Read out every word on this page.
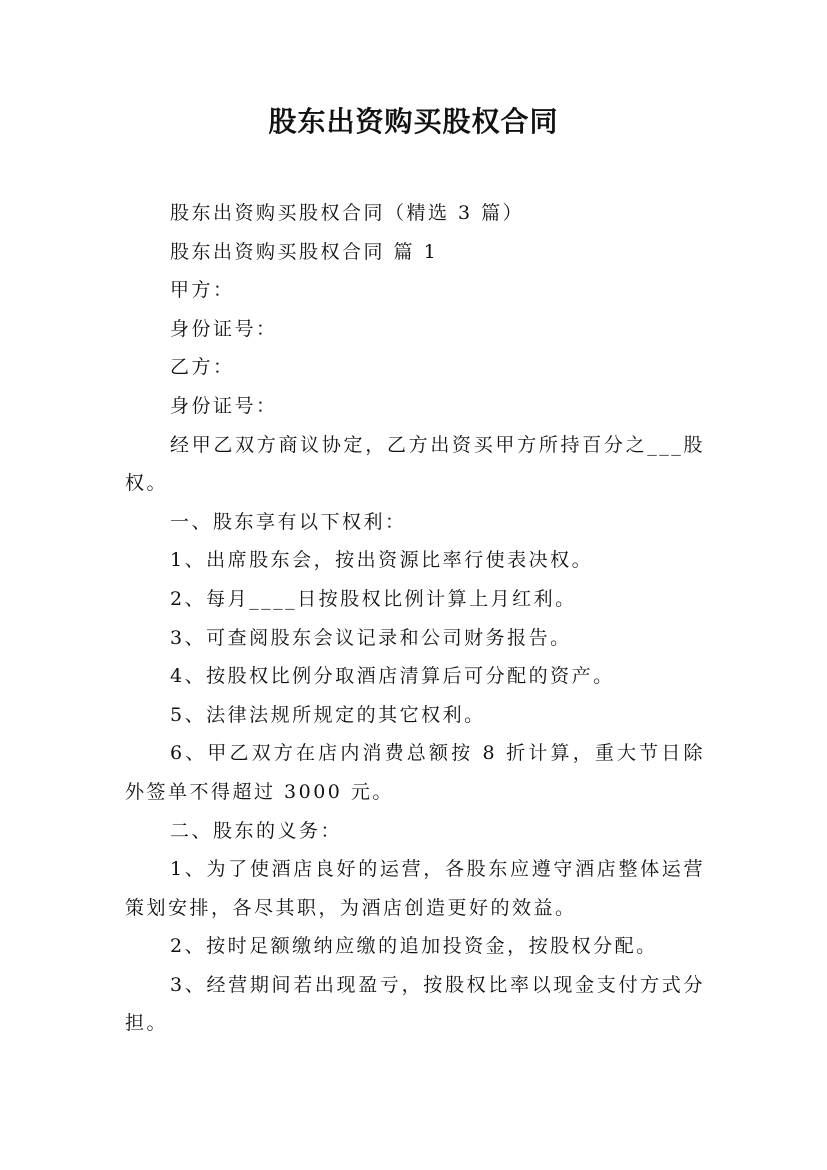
股东出资购买股权合同

股东出资购买股权合同（精选 3 篇）

股东出资购买股权合同 篇 1

甲方：

身份证号：

乙方：

身份证号：

经甲乙双方商议协定，乙方出资买甲方所持百分之___股权。

一、股东享有以下权利：

1、出席股东会，按出资源比率行使表决权。

2、每月____日按股权比例计算上月红利。

3、可查阅股东会议记录和公司财务报告。

4、按股权比例分取酒店清算后可分配的资产。

5、法律法规所规定的其它权利。

6、甲乙双方在店内消费总额按 8 折计算，重大节日除外签单不得超过 3000 元。

二、股东的义务：

1、为了使酒店良好的运营，各股东应遵守酒店整体运营策划安排，各尽其职，为酒店创造更好的效益。

2、按时足额缴纳应缴的追加投资金，按股权分配。

3、经营期间若出现盈亏，按股权比率以现金支付方式分担。
